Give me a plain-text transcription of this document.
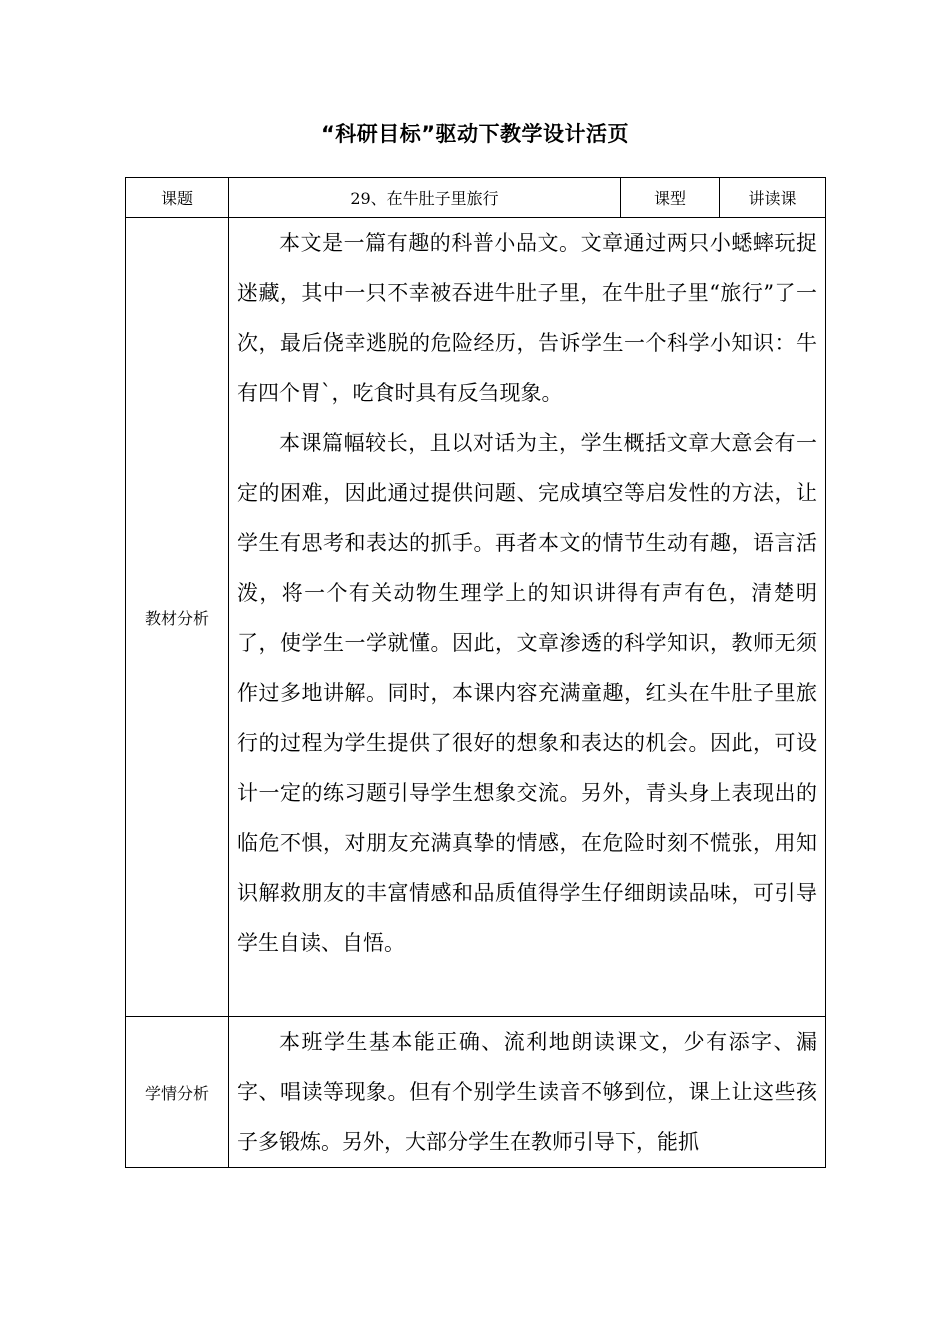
“科研目标”驱动下教学设计活页
课题	29、在牛肚子里旅行	课型	讲读课
教材分析	本文是一篇有趣的科普小品文。文章通过两只小蟋蟀玩捉迷藏，其中一只不幸被吞进牛肚子里，在牛肚子里“旅行”了一次，最后侥幸逃脱的危险经历，告诉学生一个科学小知识：牛有四个胃`，吃食时具有反刍现象。

本课篇幅较长，且以对话为主，学生概括文章大意会有一定的困难，因此通过提供问题、完成填空等启发性的方法，让学生有思考和表达的抓手。再者本文的情节生动有趣，语言活泼，将一个有关动物生理学上的知识讲得有声有色，清楚明了，使学生一学就懂。因此，文章渗透的科学知识，教师无须作过多地讲解。同时，本课内容充满童趣，红头在牛肚子里旅行的过程为学生提供了很好的想象和表达的机会。因此，可设计一定的练习题引导学生想象交流。另外，青头身上表现出的临危不惧，对朋友充满真挚的情感，在危险时刻不慌张，用知识解救朋友的丰富情感和品质值得学生仔细朗读品味，可引导学生自读、自悟。		

学情分析	本班学生基本能正确、流利地朗读课文，少有添字、漏字、唱读等现象。但有个别学生读音不够到位，课上让这些孩子多锻炼。另外，大部分学生在教师引导下，能抓		
